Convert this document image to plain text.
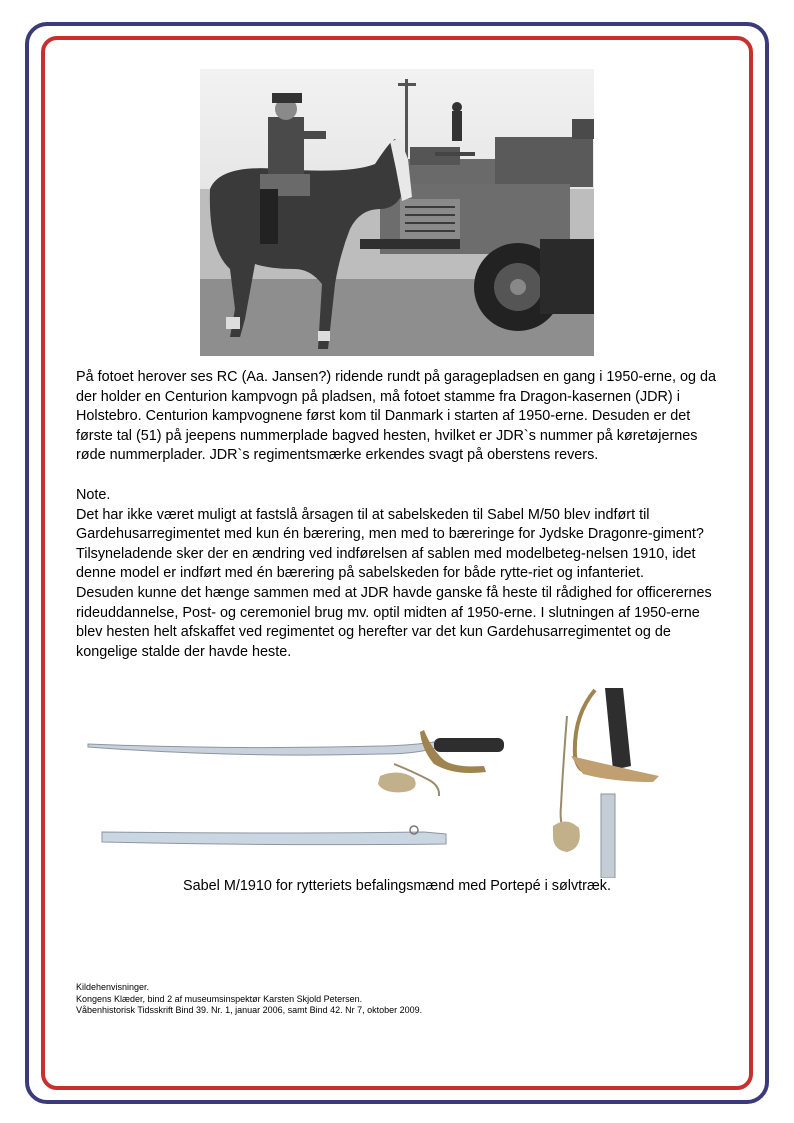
På fotoet herover ses RC (Aa. Jansen?) ridende rundt på garagepladsen en gang i 1950-erne, og da der holder en Centurion kampvogn på pladsen, må fotoet stamme fra Dragon-kasernen (JDR) i Holstebro. Centurion kampvognene først kom til Danmark i starten af 1950-erne. Desuden er det første tal (51) på jeepens nummerplade bagved hesten, hvilket er JDR`s nummer på køretøjernes røde nummerplader. JDR`s regimentsmærke erkendes svagt på oberstens revers.

Note.

Det har ikke været muligt at fastslå årsagen til at sabelskeden til Sabel M/50 blev indført til Gardehusarregimentet med kun én bærering, men med to bæreringe for Jydske Dragonre-giment? Tilsyneladende sker der en ændring ved indførelsen af sablen med modelbeteg-nelsen 1910, idet denne model er indført med én bærering på sabelskeden for både rytte-riet og infanteriet.

Desuden kunne det hænge sammen med at JDR havde ganske få heste til rådighed for officerernes rideuddannelse, Post- og ceremoniel brug mv. optil midten af 1950-erne. I slutningen af 1950-erne blev hesten helt afskaffet ved regimentet og herefter var det kun Gardehusarregimentet og de kongelige stalde der havde heste.

Sabel M/1910 for rytteriets befalingsmænd med Portepé i sølvtræk.

Kildehenvisninger.

Kongens Klæder, bind 2 af museumsinspektør Karsten Skjold Petersen.

Våbenhistorisk Tidsskrift Bind 39. Nr. 1, januar 2006, samt Bind 42. Nr 7, oktober 2009.
